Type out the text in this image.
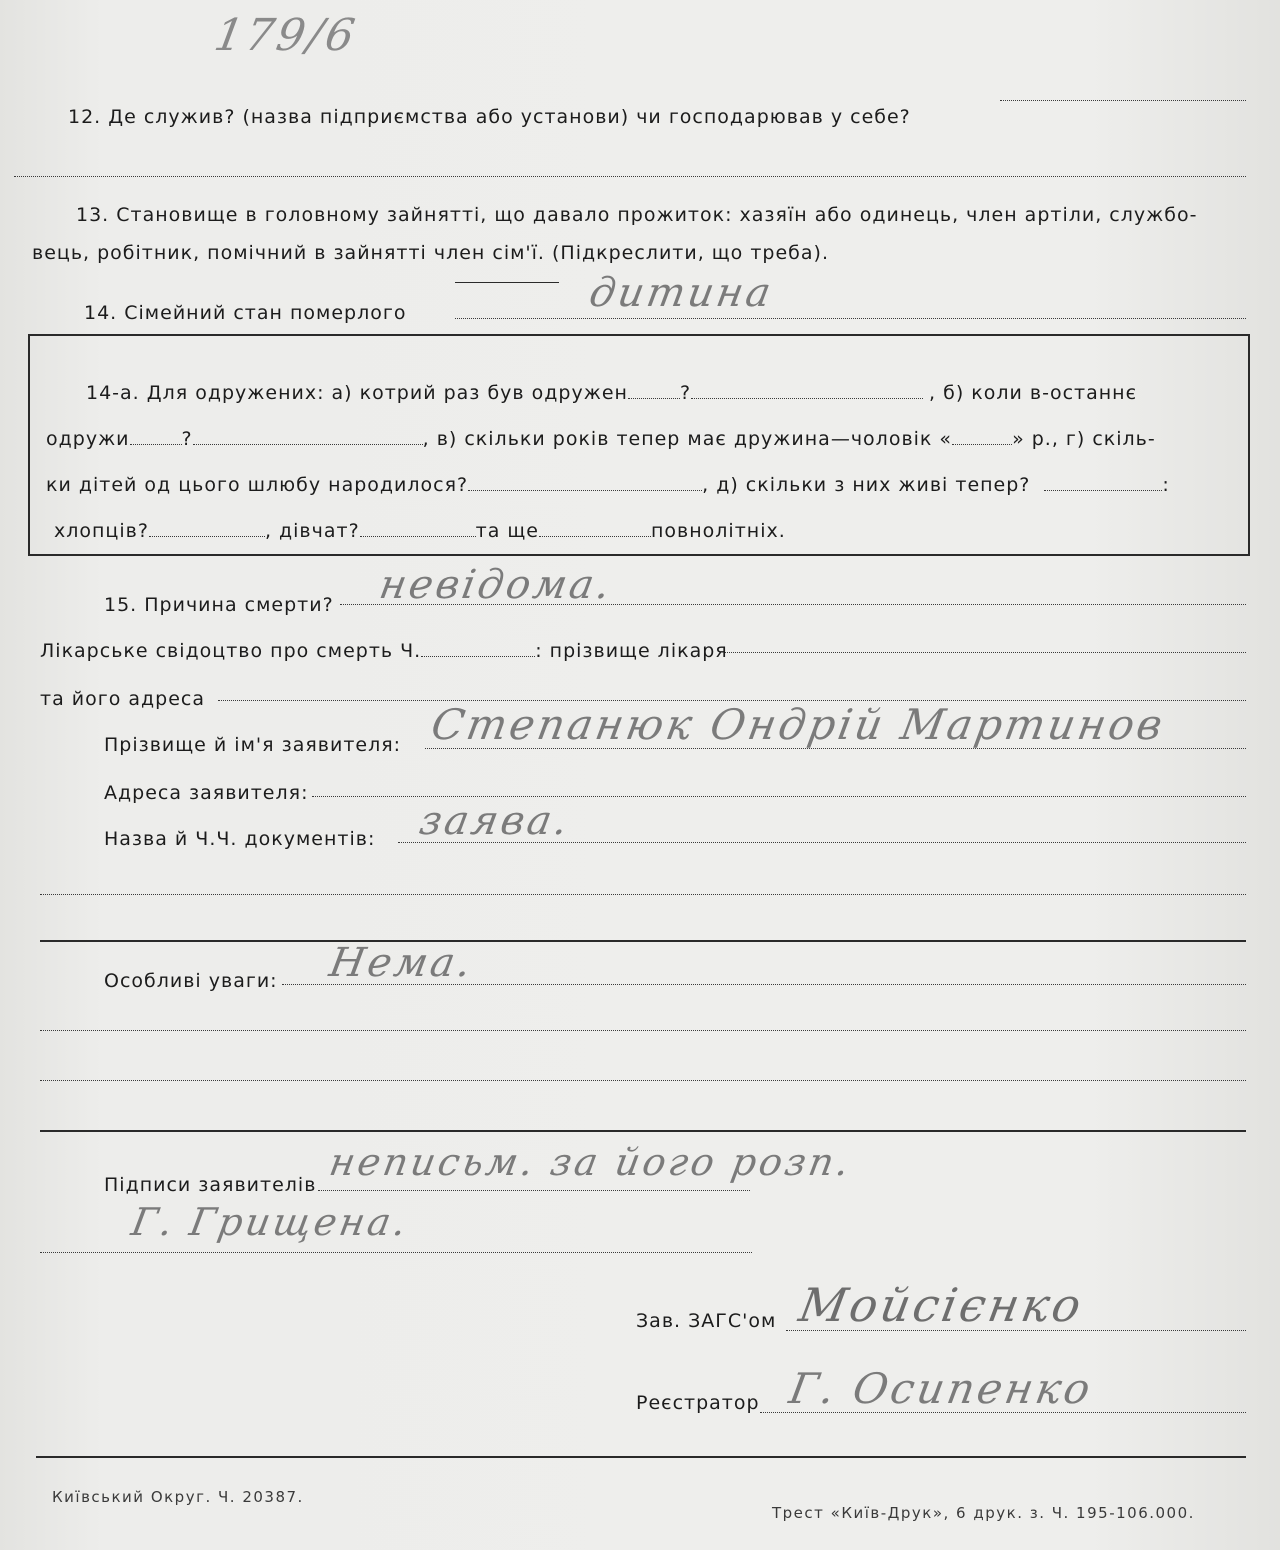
179/6
12. Де служив? (назва підприємства або установи) чи господарював у себе?
13. Становище в головному зайнятті, що давало прожиток: хазяїн або одинець, член артіли, службо-
вець, робітник, помічний в зайнятті член сім'ї. (Підкреслити, що треба).
14. Сімейний стан померлого	дитина
14-а. Для одружених: а) котрий раз був одружен	?	, б) коли в-останнє
одружи	?	, в) скільки років тепер має дружина—чоловік «	» р., г) скіль-
ки дітей од цього шлюбу народилося?	, д) скільки з них живі тепер?	:
хлопців?	, дівчат?	та ще	повнолітніх.
15. Причина смерти? невідома.
Лікарське свідоцтво про смерть Ч.	: прізвище лікаря
та його адреса
Прізвище й ім'я заявителя: Степанюк Ондрій Мартинов
Адреса заявителя:
Назва й Ч.Ч. документів: заява.
Особливі уваги: Нема.
Підписи заявителів
неписьм. за його розп.
Г. Грищена.
Зав. ЗАГС'ом Мойсієнко
Реєстратор Г. Осипенко
Київський Округ. Ч. 20387.
Трест «Київ-Друк», 6 друк. з. Ч. 195-106.000.
